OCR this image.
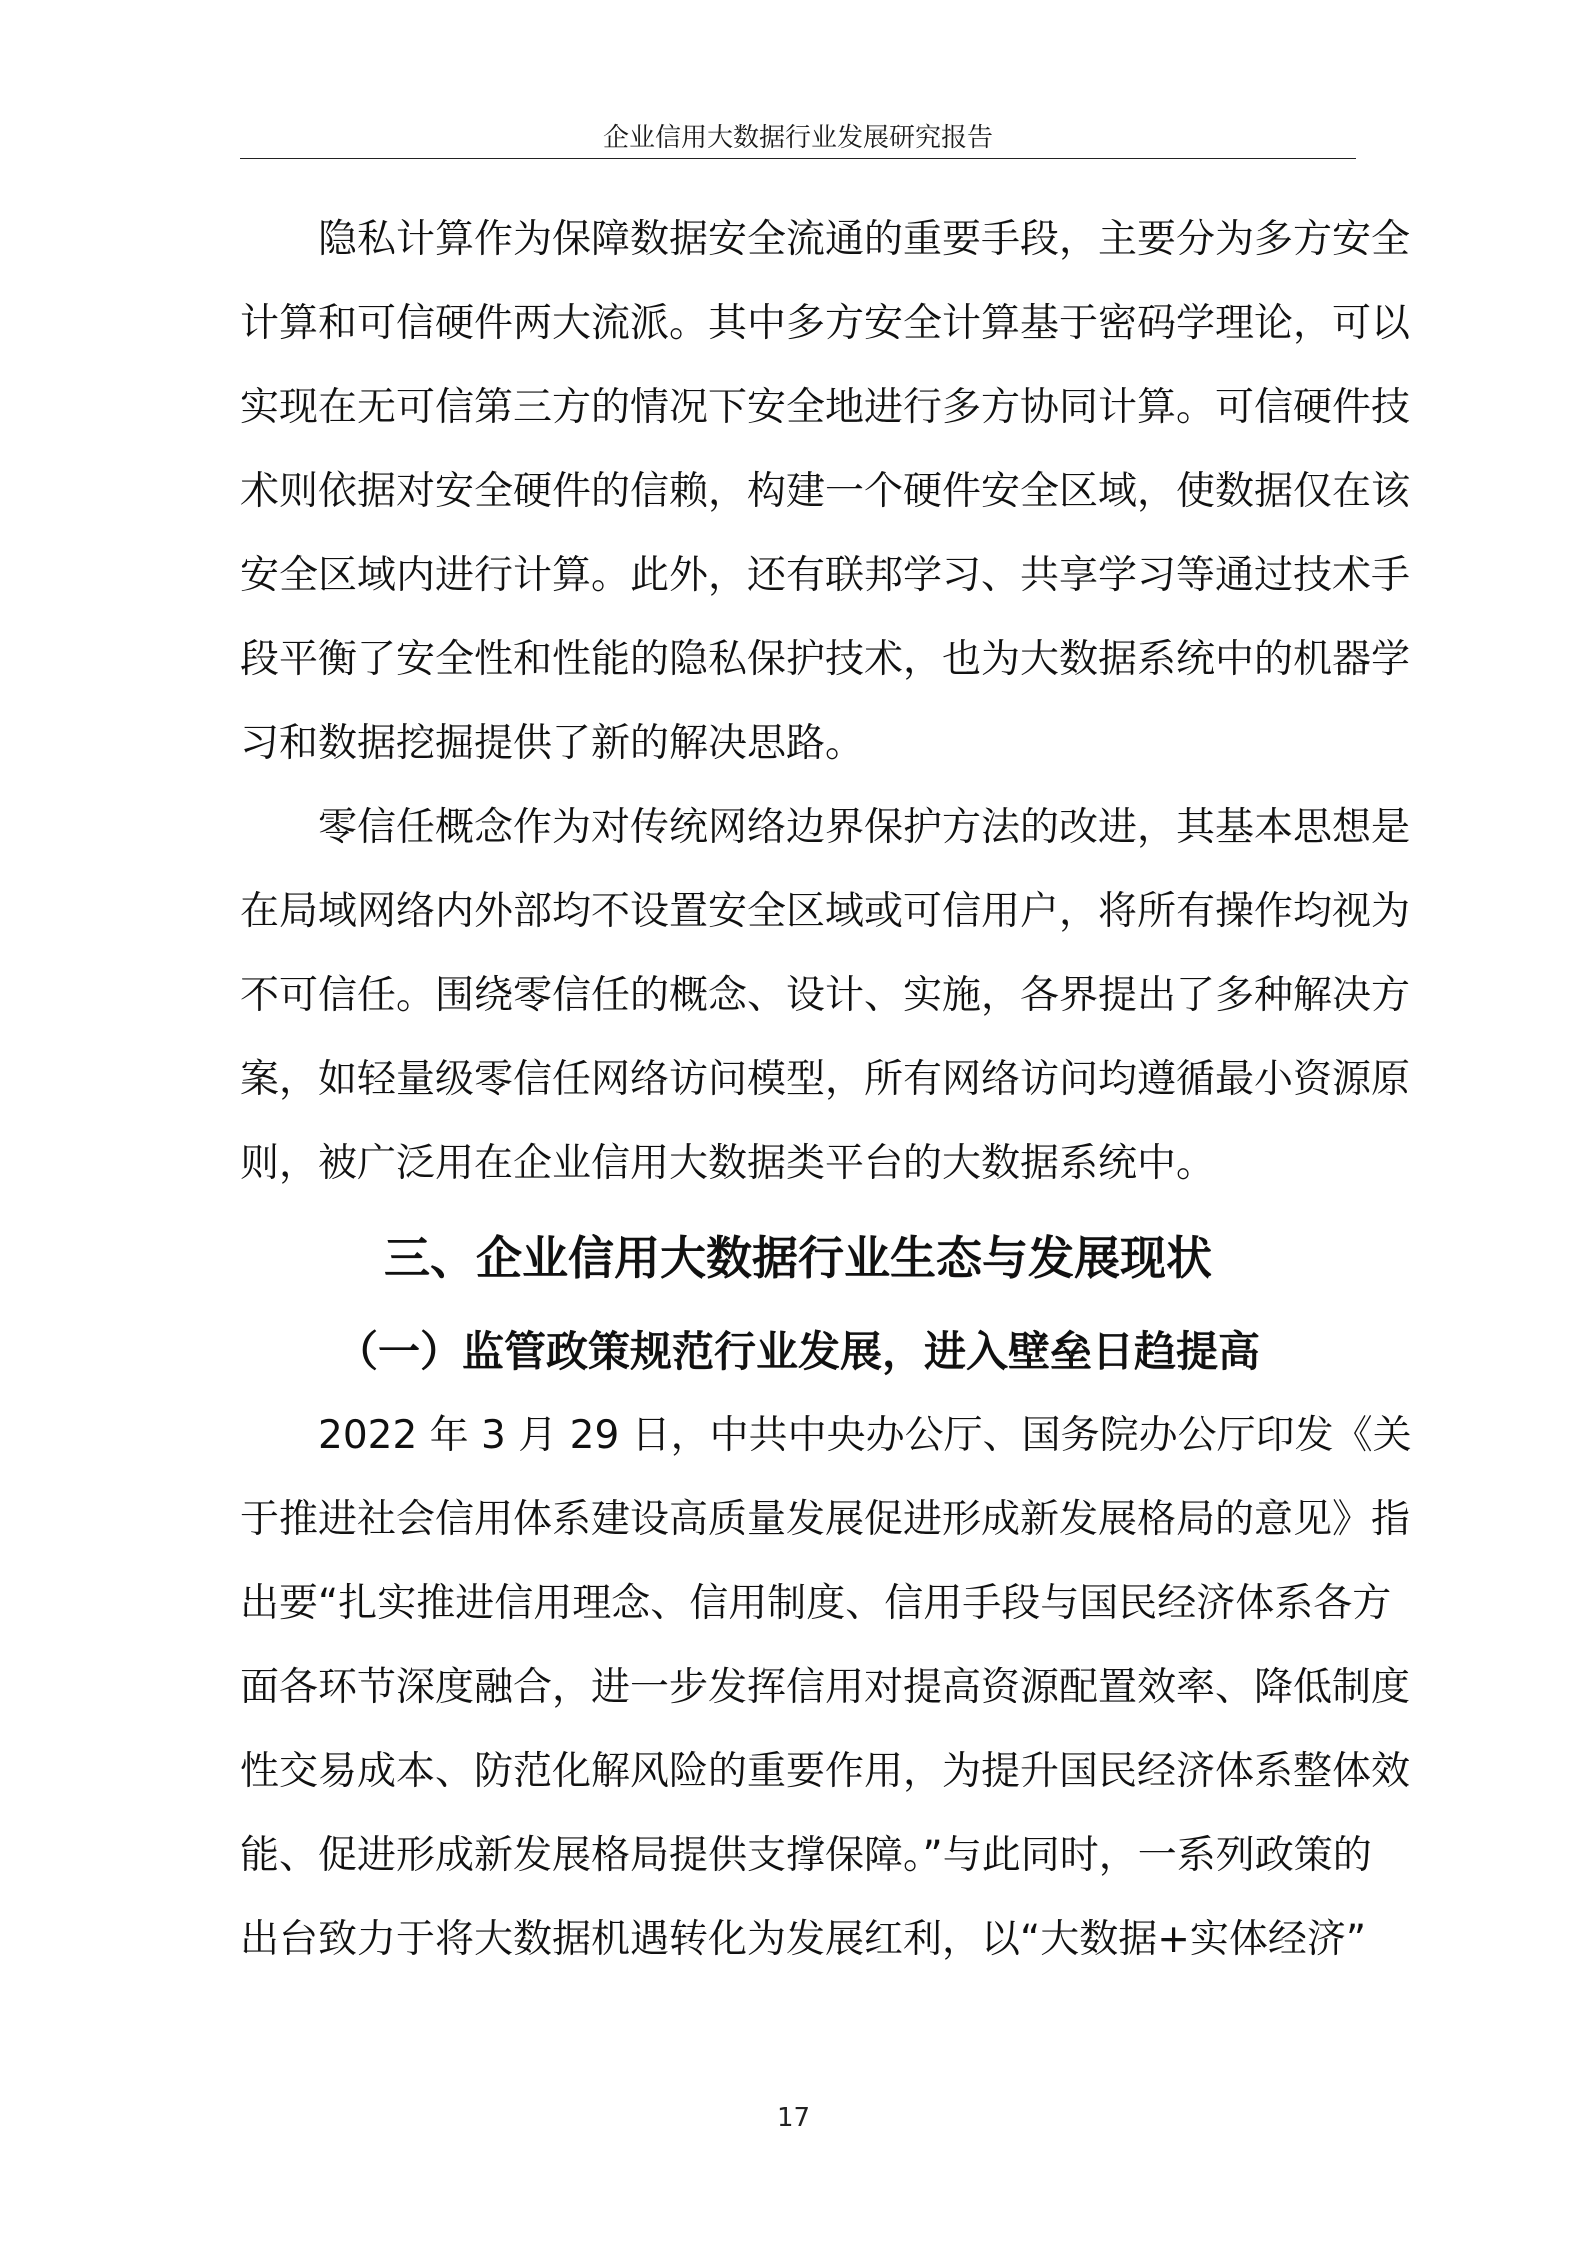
企业信用大数据行业发展研究报告

隐私计算作为保障数据安全流通的重要手段，主要分为多方安全

计算和可信硬件两大流派。其中多方安全计算基于密码学理论，可以

实现在无可信第三方的情况下安全地进行多方协同计算。可信硬件技

术则依据对安全硬件的信赖，构建一个硬件安全区域，使数据仅在该

安全区域内进行计算。此外，还有联邦学习、共享学习等通过技术手

段平衡了安全性和性能的隐私保护技术，也为大数据系统中的机器学

习和数据挖掘提供了新的解决思路。

零信任概念作为对传统网络边界保护方法的改进，其基本思想是

在局域网络内外部均不设置安全区域或可信用户，将所有操作均视为

不可信任。围绕零信任的概念、设计、实施，各界提出了多种解决方

案，如轻量级零信任网络访问模型，所有网络访问均遵循最小资源原

则，被广泛用在企业信用大数据类平台的大数据系统中。

三、企业信用大数据行业生态与发展现状
（一）监管政策规范行业发展，进入壁垒日趋提高

2022 年 3 月 29 日，中共中央办公厅、国务院办公厅印发《关

于推进社会信用体系建设高质量发展促进形成新发展格局的意见》指

出要“扎实推进信用理念、信用制度、信用手段与国民经济体系各方

面各环节深度融合，进一步发挥信用对提高资源配置效率、降低制度

性交易成本、防范化解风险的重要作用，为提升国民经济体系整体效

能、促进形成新发展格局提供支撑保障。”与此同时，一系列政策的

出台致力于将大数据机遇转化为发展红利，以“大数据+实体经济”

17
